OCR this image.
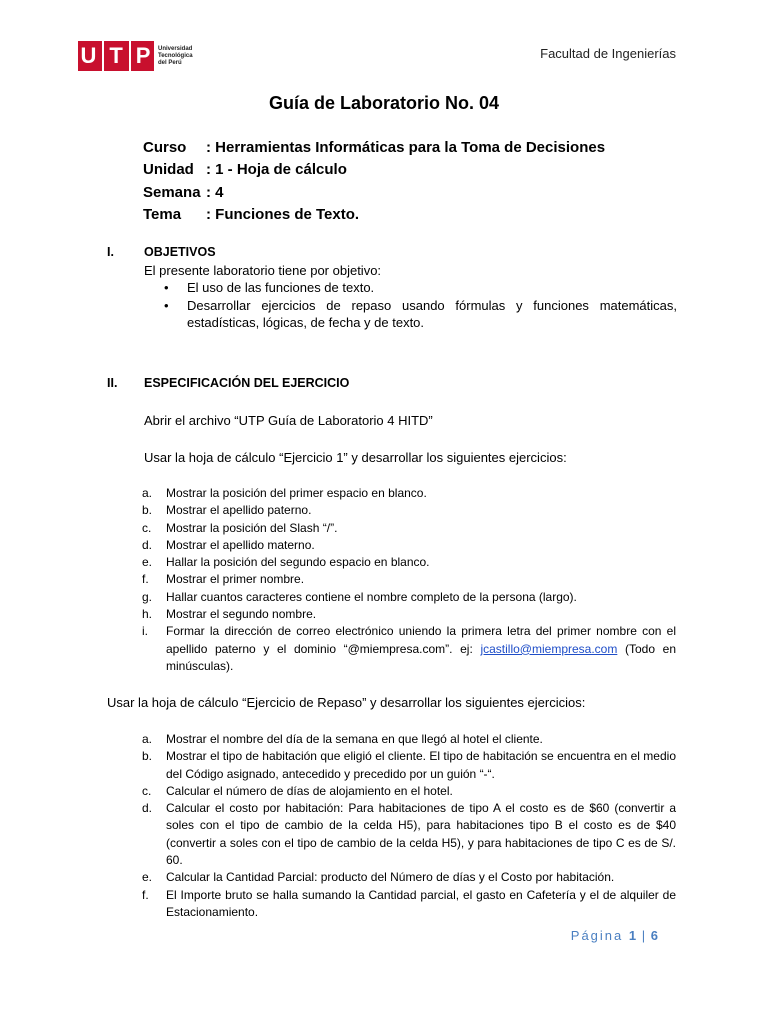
U T P Universidad
Tecnológica
del Perú
Facultad de Ingenierías
Guía de Laboratorio No. 04
Curso	: Herramientas Informáticas para la Toma de Decisiones
Unidad : 1 - Hoja de cálculo
Semana : 4
Tema	: Funciones de Texto.
I. OBJETIVOS
El presente laboratorio tiene por objetivo:
• El uso de las funciones de texto.
• Desarrollar ejercicios de repaso usando fórmulas y funciones matemáticas, estadísticas, lógicas, de fecha y de texto.
II. ESPECIFICACIÓN DEL EJERCICIO
Abrir el archivo “UTP Guía de Laboratorio 4 HITD”
Usar la hoja de cálculo “Ejercicio 1” y desarrollar los siguientes ejercicios:
a. Mostrar la posición del primer espacio en blanco.
b. Mostrar el apellido paterno.
c. Mostrar la posición del Slash “/”.
d. Mostrar el apellido materno.
e. Hallar la posición del segundo espacio en blanco.
f. Mostrar el primer nombre.
g. Hallar cuantos caracteres contiene el nombre completo de la persona (largo).
h. Mostrar el segundo nombre.
i. Formar la dirección de correo electrónico uniendo la primera letra del primer nombre con el apellido paterno y el dominio “@miempresa.com”. ej: jcastillo@miempresa.com (Todo en minúsculas).
Usar la hoja de cálculo “Ejercicio de Repaso” y desarrollar los siguientes ejercicios:
a. Mostrar el nombre del día de la semana en que llegó al hotel el cliente.
b. Mostrar el tipo de habitación que eligió el cliente. El tipo de habitación se encuentra en el medio del Código asignado, antecedido y precedido por un guión “-“.
c. Calcular el número de días de alojamiento en el hotel.
d. Calcular el costo por habitación: Para habitaciones de tipo A el costo es de $60 (convertir a soles con el tipo de cambio de la celda H5), para habitaciones tipo B el costo es de $40 (convertir a soles con el tipo de cambio de la celda H5), y para habitaciones de tipo C es de S/. 60.
e. Calcular la Cantidad Parcial: producto del Número de días y el Costo por habitación.
f. El Importe bruto se halla sumando la Cantidad parcial, el gasto en Cafetería y el de alquiler de Estacionamiento.
Página 1 | 6
